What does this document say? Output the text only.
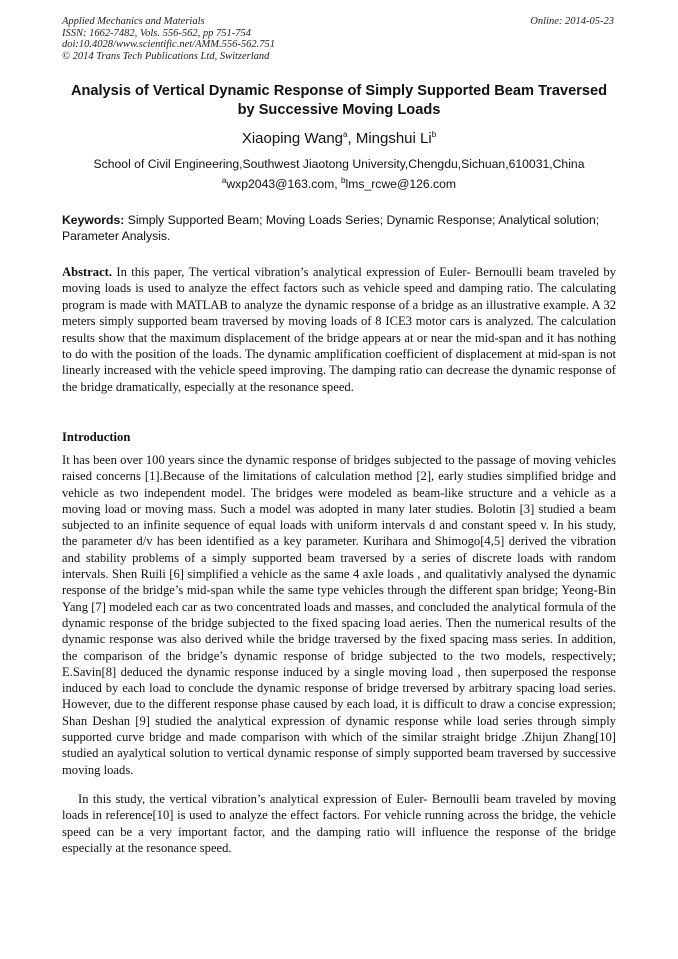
Applied Mechanics and Materials
ISSN: 1662-7482, Vols. 556-562, pp 751-754
doi:10.4028/www.scientific.net/AMM.556-562.751
© 2014 Trans Tech Publications Ltd, Switzerland
Online: 2014-05-23
Analysis of Vertical Dynamic Response of Simply Supported Beam Traversed by Successive Moving Loads
Xiaoping Wang$^a$, Mingshui Li$^b$
School of Civil Engineering,Southwest Jiaotong University,Chengdu,Sichuan,610031,China
$^a$wxp2043@163.com, $^b$lms_rcwe@126.com
Keywords: Simply Supported Beam; Moving Loads Series; Dynamic Response; Analytical solution; Parameter Analysis.
Abstract. In this paper, The vertical vibration’s analytical expression of Euler- Bernoulli beam traveled by moving loads is used to analyze the effect factors such as vehicle speed and damping ratio. The calculating program is made with MATLAB to analyze the dynamic response of a bridge as an illustrative example. A 32 meters simply supported beam traversed by moving loads of 8 ICE3 motor cars is analyzed. The calculation results show that the maximum displacement of the bridge appears at or near the mid-span and it has nothing to do with the position of the loads. The dynamic amplification coefficient of displacement at mid-span is not linearly increased with the vehicle speed improving. The damping ratio can decrease the dynamic response of the bridge dramatically, especially at the resonance speed.
Introduction

It has been over 100 years since the dynamic response of bridges subjected to the passage of moving vehicles raised concerns [1].Because of the limitations of calculation method [2], early studies simplified bridge and vehicle as two independent model. The bridges were modeled as beam-like structure and a vehicle as a moving load or moving mass. Such a model was adopted in many later studies. Bolotin [3] studied a beam subjected to an infinite sequence of equal loads with uniform intervals d and constant speed v. In his study, the parameter d/v has been identified as a key parameter. Kurihara and Shimogo[4,5] derived the vibration and stability problems of a simply supported beam traversed by a series of discrete loads with random intervals. Shen Ruili [6] simplified a vehicle as the same 4 axle loads , and qualitativly analysed the dynamic response of the bridge’s mid-span while the same type vehicles through the different span bridge; Yeong-Bin Yang [7] modeled each car as two concentrated loads and masses, and concluded the analytical formula of the dynamic response of the bridge subjected to the fixed spacing load aeries. Then the numerical results of the dynamic response was also derived while the bridge traversed by the fixed spacing mass series. In addition, the comparison of the bridge’s dynamic response of bridge subjected to the two models, respectively; E.Savin[8] deduced the dynamic response induced by a single moving load , then superposed the response induced by each load to conclude the dynamic response of bridge treversed by arbitrary spacing load series. However, due to the different response phase caused by each load, it is difficult to draw a concise expression; Shan Deshan [9] studied the analytical expression of dynamic response while load series through simply supported curve bridge and made comparison with which of the similar straight bridge .Zhijun Zhang[10] studied an ayalytical solution to vertical dynamic response of simply supported beam traversed by successive moving loads.

In this study, the vertical vibration’s analytical expression of Euler- Bernoulli beam traveled by moving loads in reference[10] is used to analyze the effect factors. For vehicle running across the bridge, the vehicle speed can be a very important factor, and the damping ratio will influence the response of the bridge especially at the resonance speed.
